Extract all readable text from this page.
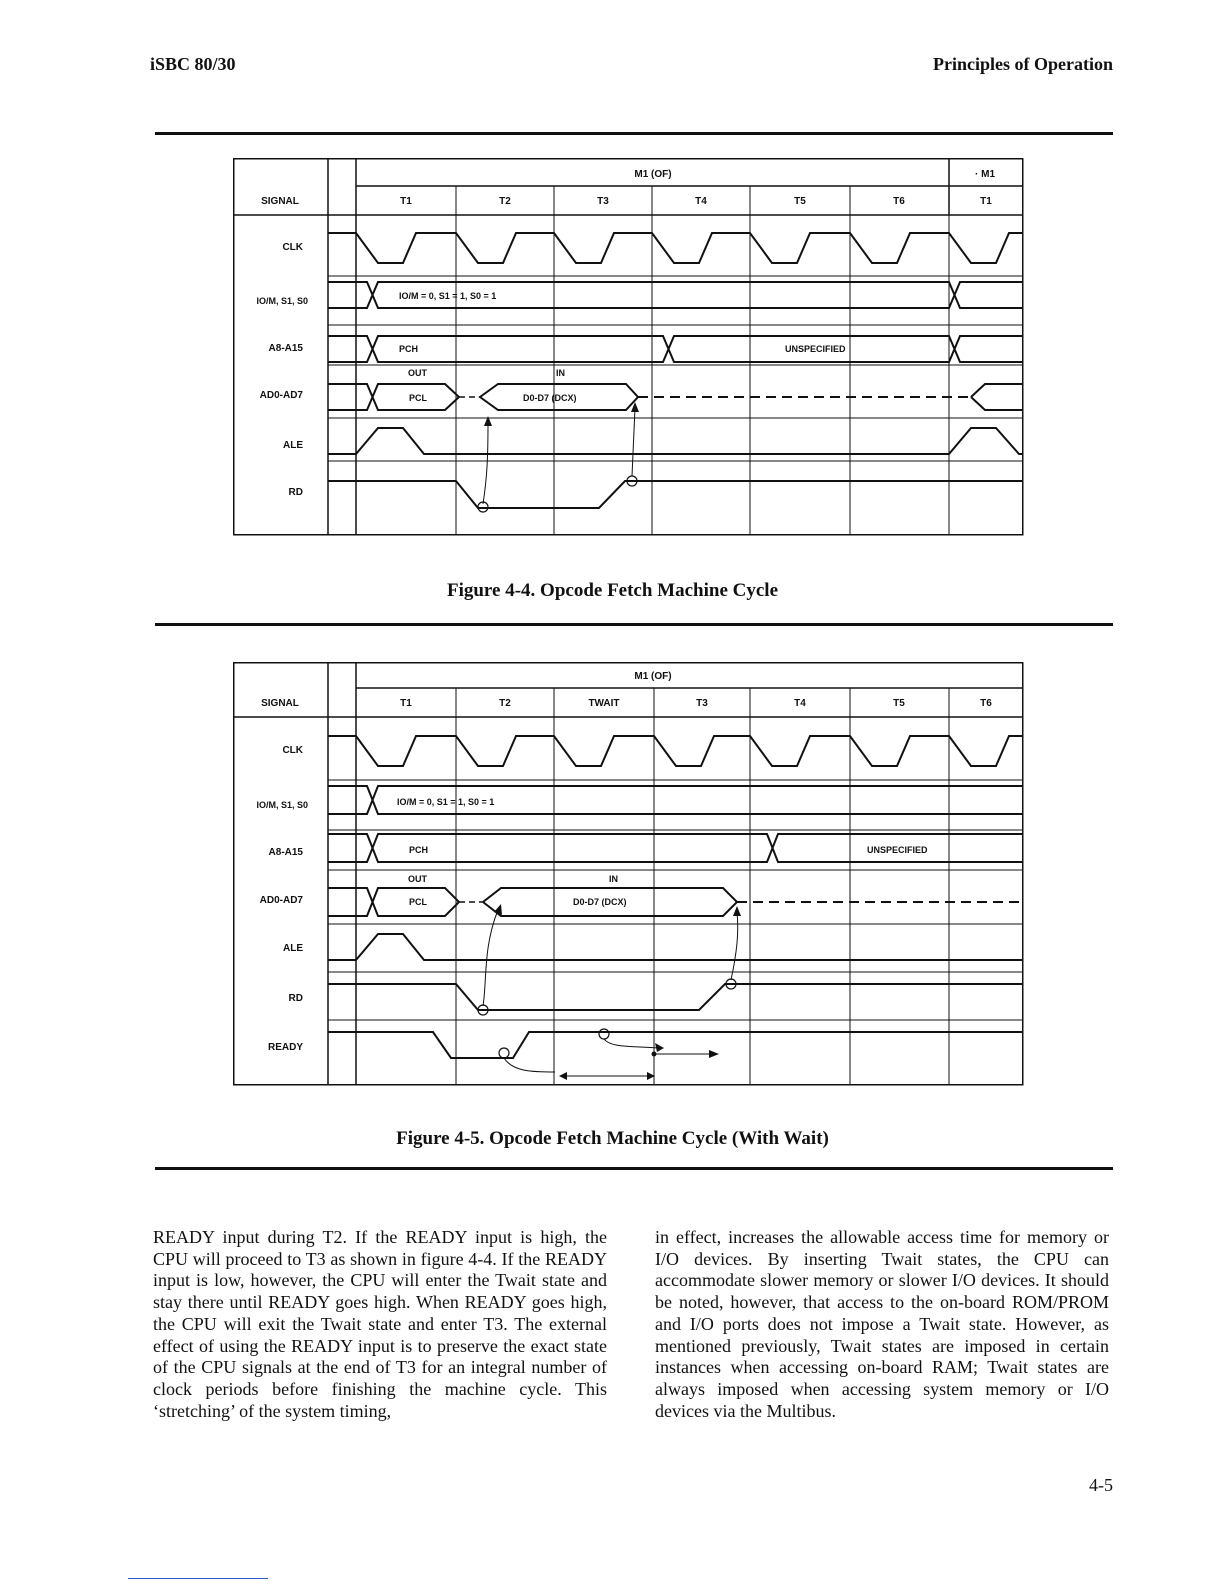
iSBC 80/30	Principles of Operation
M1 (OF)	· M1
SIGNAL	T1	T2	T3	T4	T5	T6	T1
CLK
IO/M, S1, S0
A8-A15
AD0-AD7
ALE
RD
IO/M = 0, S1 = 1, S0 = 1
PCH	UNSPECIFIED
OUT	IN
PCL	D0-D7 (DCX)
Figure 4-4. Opcode Fetch Machine Cycle
M1 (OF)
SIGNAL	T1	T2	TWAIT	T3	T4	T5	T6
CLK
IO/M, S1, S0
A8-A15
AD0-AD7
ALE
RD
READY
IO/M = 0, S1 = 1, S0 = 1
PCH	UNSPECIFIED
OUT	IN
PCL	D0-D7 (DCX)
Figure 4-5. Opcode Fetch Machine Cycle (With Wait)

READY input during T2. If the READY input is high, the CPU will proceed to T3 as shown in figure 4-4. If the READY input is low, however, the CPU will enter the Twait state and stay there until READY goes high. When READY goes high, the CPU will exit the Twait state and enter T3. The external effect of using the READY input is to preserve the exact state of the CPU signals at the end of T3 for an integral number of clock periods before finishing the machine cycle. This ‘stretching’ of the system timing,

in effect, increases the allowable access time for memory or I/O devices. By inserting Twait states, the CPU can accommodate slower memory or slower I/O devices. It should be noted, however, that access to the on-board ROM/PROM and I/O ports does not impose a Twait state. However, as mentioned previously, Twait states are imposed in certain instances when accessing on-board RAM; Twait states are always imposed when accessing system memory or I/O devices via the Multibus.

4-5
